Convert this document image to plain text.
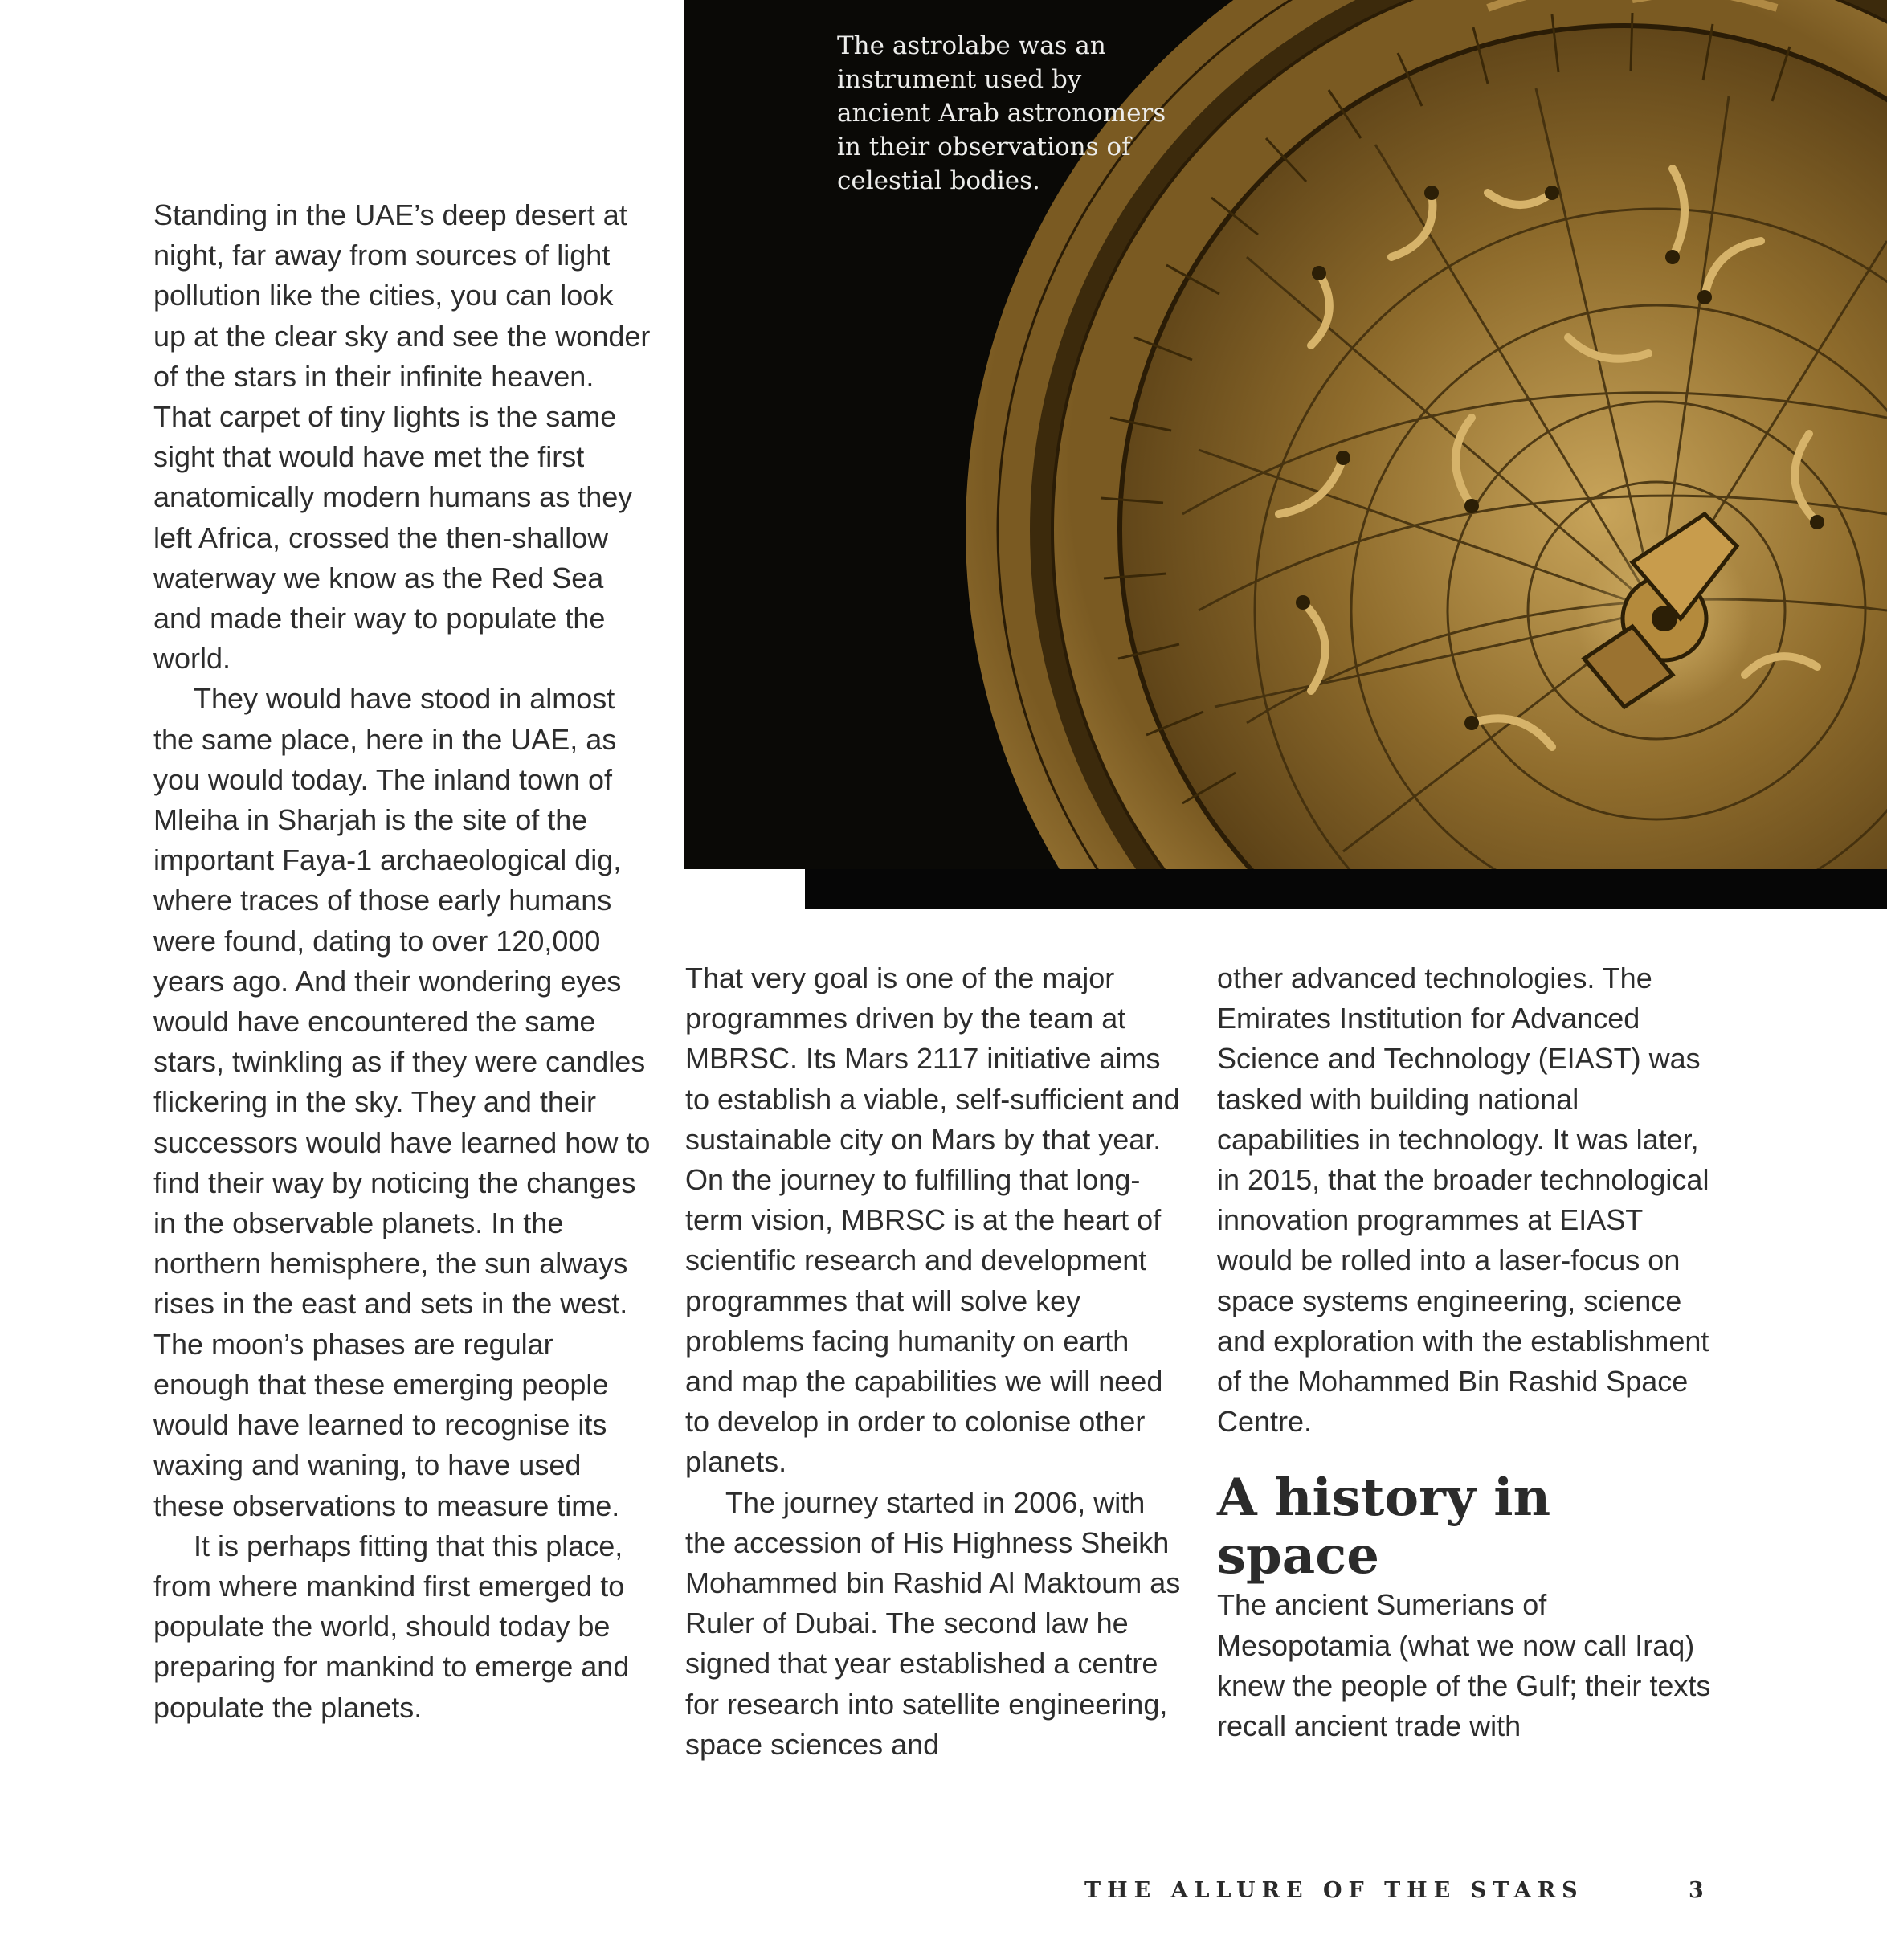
The astrolabe was an instrument used by ancient Arab astronomers in their observations of celestial bodies.

Standing in the UAE’s deep desert at night, far away from sources of light pollution like the cities, you can look up at the clear sky and see the wonder of the stars in their infinite heaven. That carpet of tiny lights is the same sight that would have met the first anatomically modern humans as they left Africa, crossed the then-shallow waterway we know as the Red Sea and made their way to populate the world.

They would have stood in almost the same place, here in the UAE, as you would today. The inland town of Mleiha in Sharjah is the site of the important Faya-1 archaeological dig, where traces of those early humans were found, dating to over 120,000 years ago. And their wondering eyes would have encountered the same stars, twinkling as if they were candles flickering in the sky. They and their successors would have learned how to find their way by noticing the changes in the observable planets. In the northern hemisphere, the sun always rises in the east and sets in the west. The moon’s phases are regular enough that these emerging people would have learned to recognise its waxing and waning, to have used these observations to measure time.

It is perhaps fitting that this place, from where mankind first emerged to populate the world, should today be preparing for mankind to emerge and populate the planets.

That very goal is one of the major programmes driven by the team at MBRSC. Its Mars 2117 initiative aims to establish a viable, self-sufficient and sustainable city on Mars by that year. On the journey to fulfilling that long-term vision, MBRSC is at the heart of scientific research and development programmes that will solve key problems facing humanity on earth and map the capabilities we will need to develop in order to colonise other planets.

The journey started in 2006, with the accession of His Highness Sheikh Mohammed bin Rashid Al Maktoum as Ruler of Dubai. The second law he signed that year established a centre for research into satellite engineering, space sciences and

other advanced technologies. The Emirates Institution for Advanced Science and Technology (EIAST) was tasked with building national capabilities in technology. It was later, in 2015, that the broader technological innovation programmes at EIAST would be rolled into a laser-focus on space systems engineering, science and exploration with the establishment of the Mohammed Bin Rashid Space Centre.

A history in space

The ancient Sumerians of Mesopotamia (what we now call Iraq) knew the people of the Gulf; their texts recall ancient trade with

THE ALLURE OF THE STARS	3
